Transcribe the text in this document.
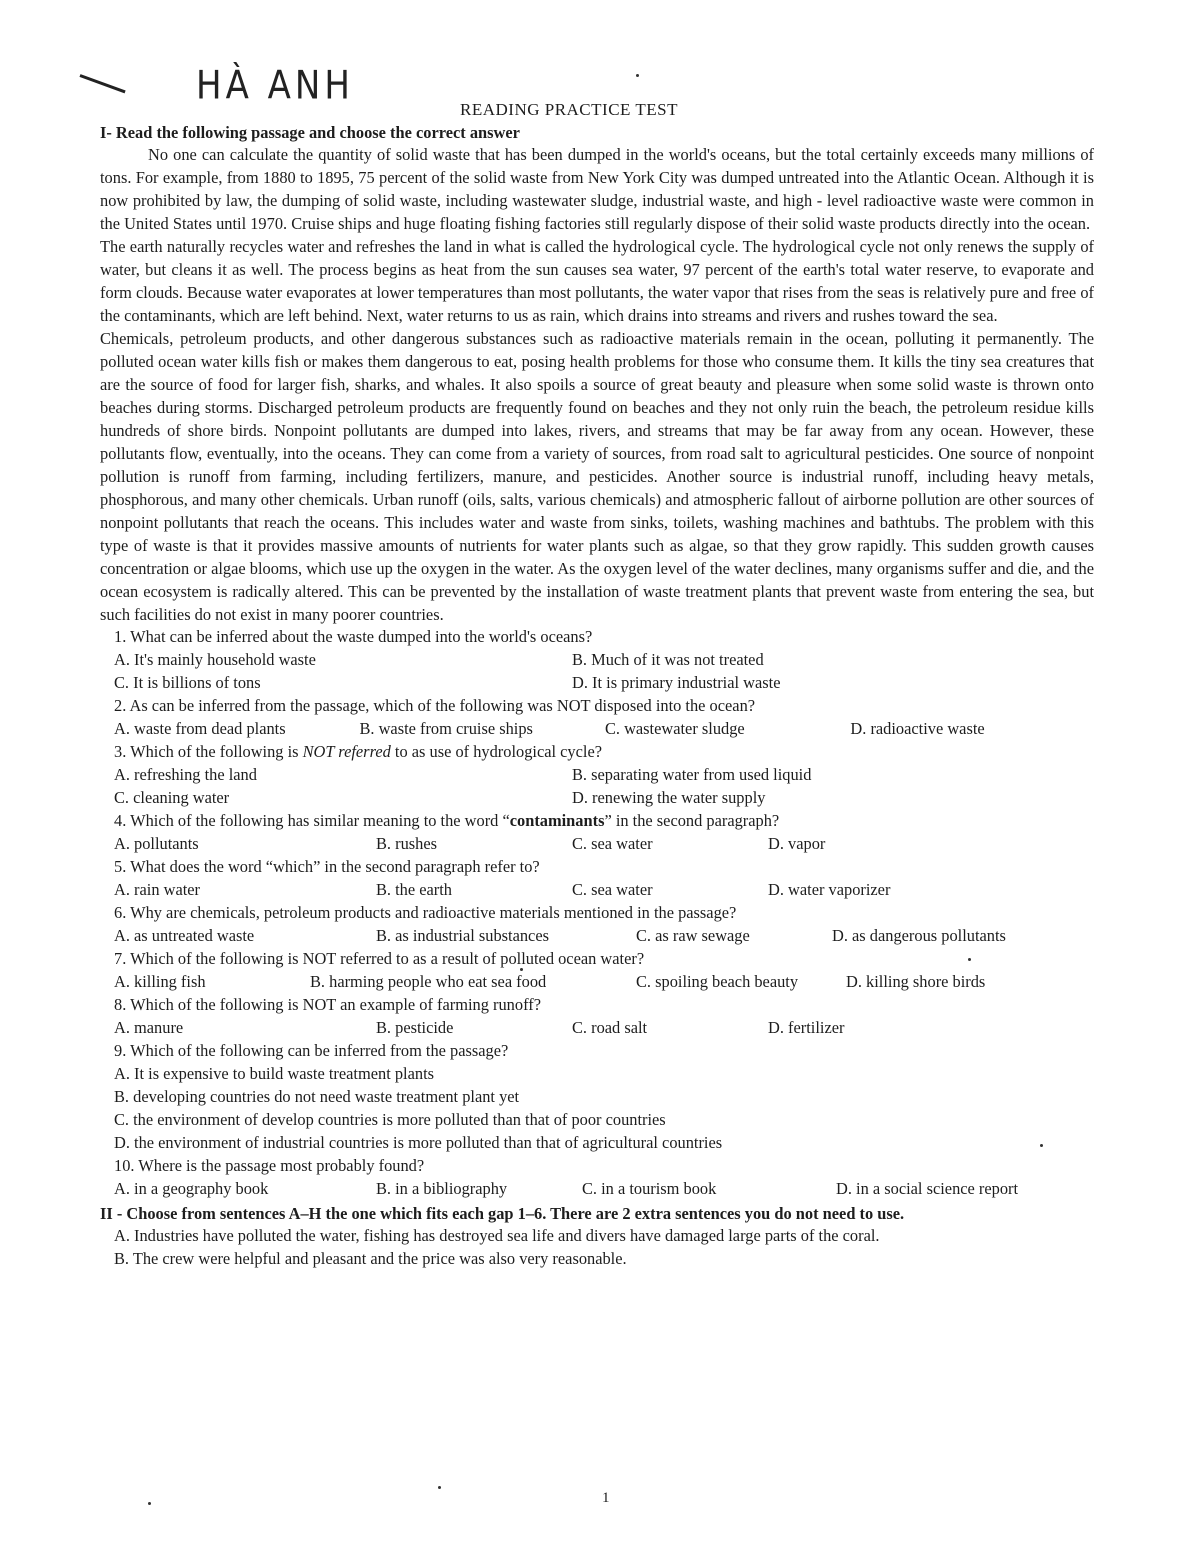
HÀ ANH
READING PRACTICE TEST
I- Read the following passage and choose the correct answer

No one can calculate the quantity of solid waste that has been dumped in the world's oceans, but the total certainly exceeds many millions of tons. For example, from 1880 to 1895, 75 percent of the solid waste from New York City was dumped untreated into the Atlantic Ocean. Although it is now prohibited by law, the dumping of solid waste, including wastewater sludge, industrial waste, and high - level radioactive waste were common in the United States until 1970. Cruise ships and huge floating fishing factories still regularly dispose of their solid waste products directly into the ocean.

The earth naturally recycles water and refreshes the land in what is called the hydrological cycle. The hydrological cycle not only renews the supply of water, but cleans it as well. The process begins as heat from the sun causes sea water, 97 percent of the earth's total water reserve, to evaporate and form clouds. Because water evaporates at lower temperatures than most pollutants, the water vapor that rises from the seas is relatively pure and free of the contaminants, which are left behind. Next, water returns to us as rain, which drains into streams and rivers and rushes toward the sea.

Chemicals, petroleum products, and other dangerous substances such as radioactive materials remain in the ocean, polluting it permanently. The polluted ocean water kills fish or makes them dangerous to eat, posing health problems for those who consume them. It kills the tiny sea creatures that are the source of food for larger fish, sharks, and whales. It also spoils a source of great beauty and pleasure when some solid waste is thrown onto beaches during storms. Discharged petroleum products are frequently found on beaches and they not only ruin the beach, the petroleum residue kills hundreds of shore birds. Nonpoint pollutants are dumped into lakes, rivers, and streams that may be far away from any ocean. However, these pollutants flow, eventually, into the oceans. They can come from a variety of sources, from road salt to agricultural pesticides. One source of nonpoint pollution is runoff from farming, including fertilizers, manure, and pesticides. Another source is industrial runoff, including heavy metals, phosphorous, and many other chemicals. Urban runoff (oils, salts, various chemicals) and atmospheric fallout of airborne pollution are other sources of nonpoint pollutants that reach the oceans. This includes water and waste from sinks, toilets, washing machines and bathtubs. The problem with this type of waste is that it provides massive amounts of nutrients for water plants such as algae, so that they grow rapidly. This sudden growth causes concentration or algae blooms, which use up the oxygen in the water. As the oxygen level of the water declines, many organisms suffer and die, and the ocean ecosystem is radically altered. This can be prevented by the installation of waste treatment plants that prevent waste from entering the sea, but such facilities do not exist in many poorer countries.

1. What can be inferred about the waste dumped into the world's oceans?
A. It's mainly household waste	B. Much of it was not treated
C. It is billions of tons	D. It is primary industrial waste
2. As can be inferred from the passage, which of the following was NOT disposed into the ocean?
A. waste from dead plants	B. waste from cruise ships	C. wastewater sludge	D. radioactive waste
3. Which of the following is NOT referred to as use of hydrological cycle?
A. refreshing the land	B. separating water from used liquid
C. cleaning water	D. renewing the water supply
4. Which of the following has similar meaning to the word “contaminants” in the second paragraph?
A. pollutants	B. rushes	C. sea water	D. vapor
5. What does the word “which” in the second paragraph refer to?
A. rain water	B. the earth	C. sea water	D. water vaporizer
6. Why are chemicals, petroleum products and radioactive materials mentioned in the passage?
A. as untreated waste	B. as industrial substances	C. as raw sewage	D. as dangerous pollutants
7. Which of the following is NOT referred to as a result of polluted ocean water?
A. killing fish	B. harming people who eat sea food	C. spoiling beach beauty	D. killing shore birds
8. Which of the following is NOT an example of farming runoff?
A. manure	B. pesticide	C. road salt	D. fertilizer
9. Which of the following can be inferred from the passage?
A. It is expensive to build waste treatment plants
B. developing countries do not need waste treatment plant yet
C. the environment of develop countries is more polluted than that of poor countries
D. the environment of industrial countries is more polluted than that of agricultural countries
10. Where is the passage most probably found?
A. in a geography book	B. in a bibliography	C. in a tourism book	D. in a social science report
II - Choose from sentences A–H the one which fits each gap 1–6. There are 2 extra sentences you do not need to use.
A. Industries have polluted the water, fishing has destroyed sea life and divers have damaged large parts of the coral.
B. The crew were helpful and pleasant and the price was also very reasonable.
1
